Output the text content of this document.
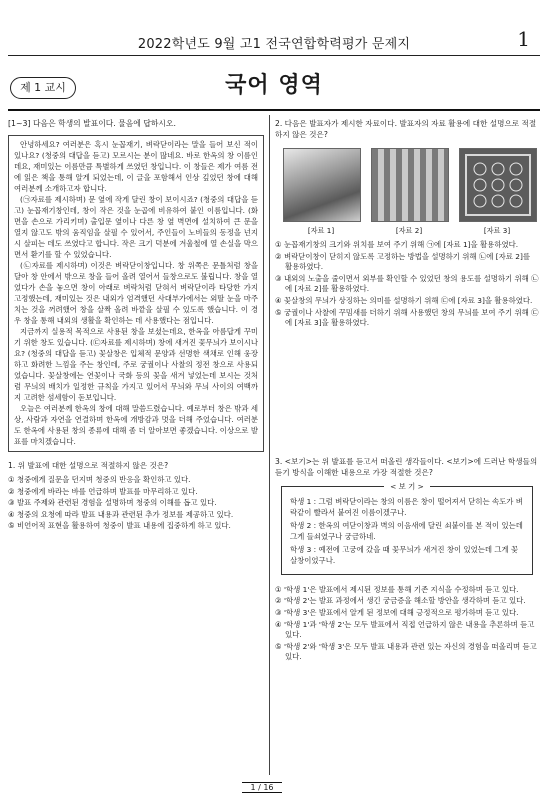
2022학년도 9월 고1 전국연합학력평가 문제지	1
제 1 교시	국어 영역
[1~3] 다음은 학생의 발표이다. 물음에 답하시오.

안녕하세요? 여러분은 혹시 눈꼽재기, 벼락닫이라는 말을 들어 보신 적이 있나요? (청중의 대답을 듣고) 모르시는 분이 많네요. 바로 한옥의 창 이름인데요, 재미있는 이름만큼 특별하게 쓰였던 창입니다. 이 창들은 제가 여름 전에 읽은 책을 통해 알게 되었는데, 이 글을 포함해서 인상 깊었던 창에 대해 여러분께 소개하고자 합니다.

(㉠자료를 제시하며) 문 옆에 작게 달린 창이 보이시죠? (청중의 대답을 듣고) 눈꼽재기창인데, 창이 작은 것을 눈곱에 비유하여 붙인 이름입니다. (화면을 손으로 가리키며) 출입문 옆이나 다른 창 옆 벽면에 설치하여 큰 문을 열지 않고도 밖의 움직임을 살필 수 있어서, 주인들이 노비들의 동정을 넌지시 살피는 데도 쓰였다고 합니다. 작은 크기 덕분에 겨울철에 열 손실을 막으면서 환기를 할 수 있었습니다.

(㉡자료를 제시하며) 이것은 벼락닫이창입니다. 창 위쪽은 문틀처럼 창을 달아 창 안에서 밖으로 창을 들어 올려 열어서 들창으로도 불립니다. 창을 열었다가 손을 놓으면 창이 아래로 벼락처럼 닫혀서 벼락닫이라 타당한 가지 고정했는데, 재미있는 것은 내외가 엄격했던 사대부가에서는 외딸 눈을 마주치는 것을 꺼려했어 창을 살짝 올려 바깥을 살필 수 있도록 했습니다. 이 경우 창을 통해 내외의 생활을 확인하는 데 사용했다는 점입니다.

지금까지 실용적 목적으로 사용된 창을 보셨는데요, 한옥을 아름답게 꾸미기 위한 창도 있습니다. (㉢자료를 제시하며) 창에 새겨진 꽃무늬가 보이시나요? (청중의 대답을 듣고) 꽃살창은 입체적 문양과 선명한 색채로 인해 웅장하고 화려한 느낌을 주는 창인데, 주로 궁궐이나 사찰의 정전 창으로 사용되었습니다. 꽃살창에는 연꽃이나 국화 등의 꽃을 새겨 넣었는데 보시는 것처럼 무늬의 배치가 일정한 규칙을 가지고 있어서 무늬와 무늬 사이의 여백까지 고려한 섬세함이 돋보입니다.

오늘은 여러분께 한옥의 창에 대해 말씀드렸습니다. 예로부터 창은 밖과 세상, 사람과 자연을 연결하며 한옥에 개방감과 멋을 더해 주었습니다. 여러분도 한옥에 사용된 창의 종류에 대해 좀 더 알아보면 좋겠습니다. 이상으로 발표를 마치겠습니다.

1. 위 발표에 대한 설명으로 적절하지 않은 것은?
① 청중에게 질문을 던지며 청중의 반응을 확인하고 있다.
② 청중에게 바라는 바를 언급하며 발표를 마무리하고 있다.
③ 발표 주제와 관련된 경험을 설명하며 청중의 이해를 돕고 있다.
④ 청중의 요청에 따라 발표 내용과 관련된 추가 정보를 제공하고 있다.
⑤ 비언어적 표현을 활용하여 청중이 발표 내용에 집중하게 하고 있다.
2. 다음은 발표자가 제시한 자료이다. 발표자의 자료 활용에 대한 설명으로 적절하지 않은 것은?
[자료 1]	[자료 2]	[자료 3]
① 눈꼽재기창의 크기와 위치를 보여 주기 위해 ㉠에 [자료 1]을 활용하였다.
② 벼락닫이창이 닫히지 않도록 고정하는 방법을 설명하기 위해 ㉡에 [자료 2]를 활용하였다.
③ 내외의 노출을 줄이면서 외부를 확인할 수 있었던 창의 용도를 설명하기 위해 ㉡에 [자료 2]를 활용하였다.
④ 꽃살창의 무늬가 상징하는 의미를 설명하기 위해 ㉢에 [자료 3]을 활용하였다.
⑤ 궁궐이나 사찰에 꾸밈새를 더하기 위해 사용했던 창의 무늬를 보여 주기 위해 ㉢에 [자료 3]을 활용하였다.
3. <보기>는 위 발표를 듣고서 떠올린 생각들이다. <보기>에 드러난 학생들의 듣기 방식을 이해한 내용으로 가장 적절한 것은?
< 보 기 >
학생 1 : 그럼 벼락닫이라는 창의 이름은 창이 떨어져서 닫히는 속도가 벼락같이 빨라서 붙여진 이름이겠구나.
학생 2 : 한옥의 여닫이창과 벽의 이음새에 달린 쇠붙이를 본 적이 있는데 그게 들쇠였구나 궁금하네.
학생 3 : 예전에 고궁에 갔을 때 꽃무늬가 새겨진 창이 있었는데 그게 꽃살창이었구나.
① '학생 1'은 발표에서 제시된 정보를 통해 기존 지식을 수정하며 듣고 있다.
② '학생 2'는 발표 과정에서 생긴 궁금증을 해소할 방안을 생각하며 듣고 있다.
③ '학생 3'은 발표에서 알게 된 정보에 대해 긍정적으로 평가하며 듣고 있다.
④ '학생 1'과 '학생 2'는 모두 발표에서 직접 언급하지 않은 내용을 추론하며 듣고 있다.
⑤ '학생 2'와 '학생 3'은 모두 발표 내용과 관련 있는 자신의 경험을 떠올리며 듣고 있다.
1 / 16
